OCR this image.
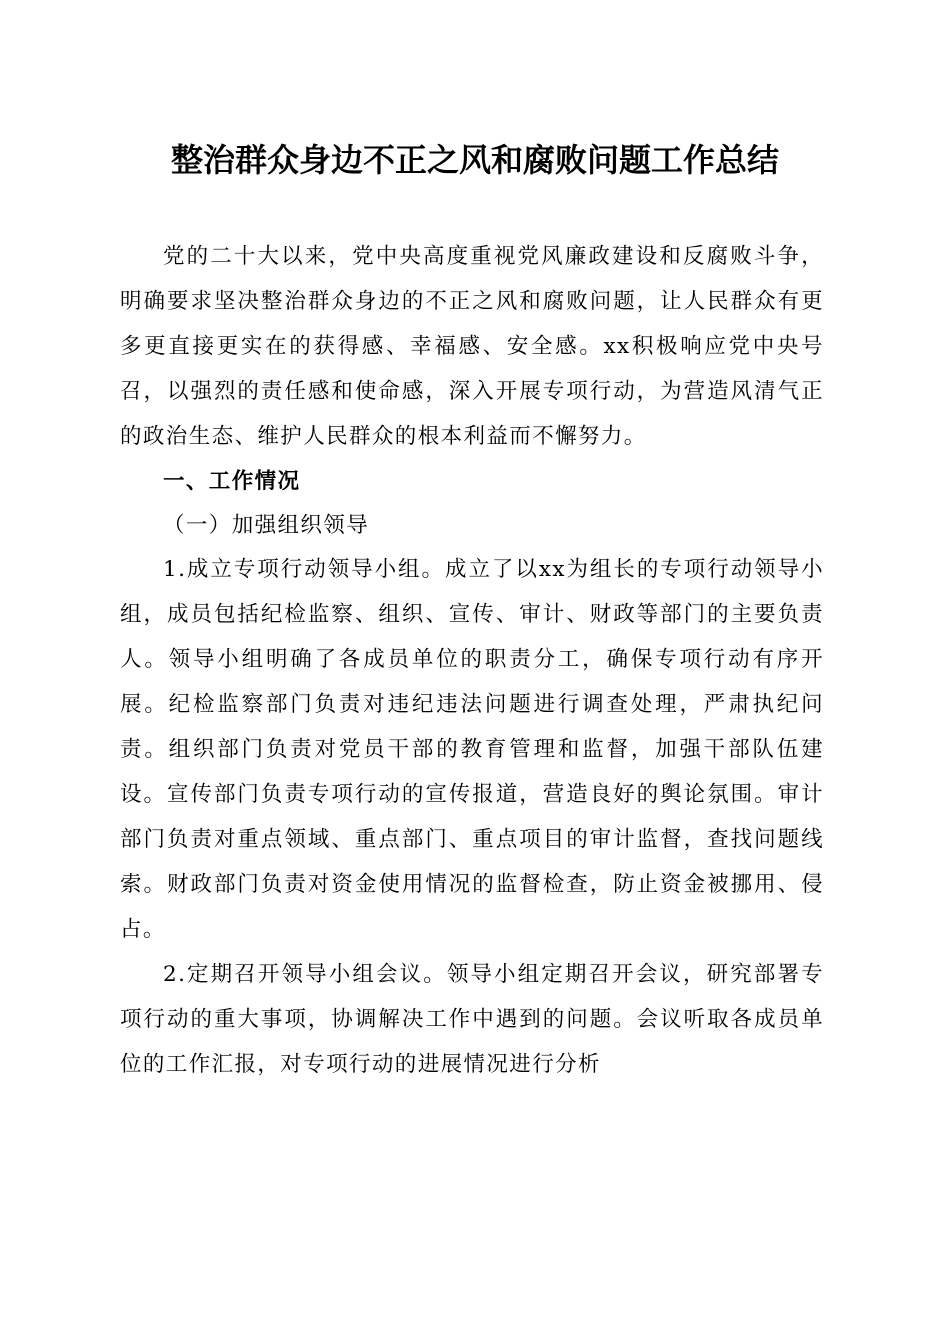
整治群众身边不正之风和腐败问题工作总结

党的二十大以来，党中央高度重视党风廉政建设和反腐败斗争，明确要求坚决整治群众身边的不正之风和腐败问题，让人民群众有更多更直接更实在的获得感、幸福感、安全感。xx积极响应党中央号召，以强烈的责任感和使命感，深入开展专项行动，为营造风清气正的政治生态、维护人民群众的根本利益而不懈努力。

一、工作情况

（一）加强组织领导

1.成立专项行动领导小组。成立了以xx为组长的专项行动领导小组，成员包括纪检监察、组织、宣传、审计、财政等部门的主要负责人。领导小组明确了各成员单位的职责分工，确保专项行动有序开展。纪检监察部门负责对违纪违法问题进行调查处理，严肃执纪问责。组织部门负责对党员干部的教育管理和监督，加强干部队伍建设。宣传部门负责专项行动的宣传报道，营造良好的舆论氛围。审计部门负责对重点领域、重点部门、重点项目的审计监督，查找问题线索。财政部门负责对资金使用情况的监督检查，防止资金被挪用、侵占。

2.定期召开领导小组会议。领导小组定期召开会议，研究部署专项行动的重大事项，协调解决工作中遇到的问题。会议听取各成员单位的工作汇报，对专项行动的进展情况进行分析
